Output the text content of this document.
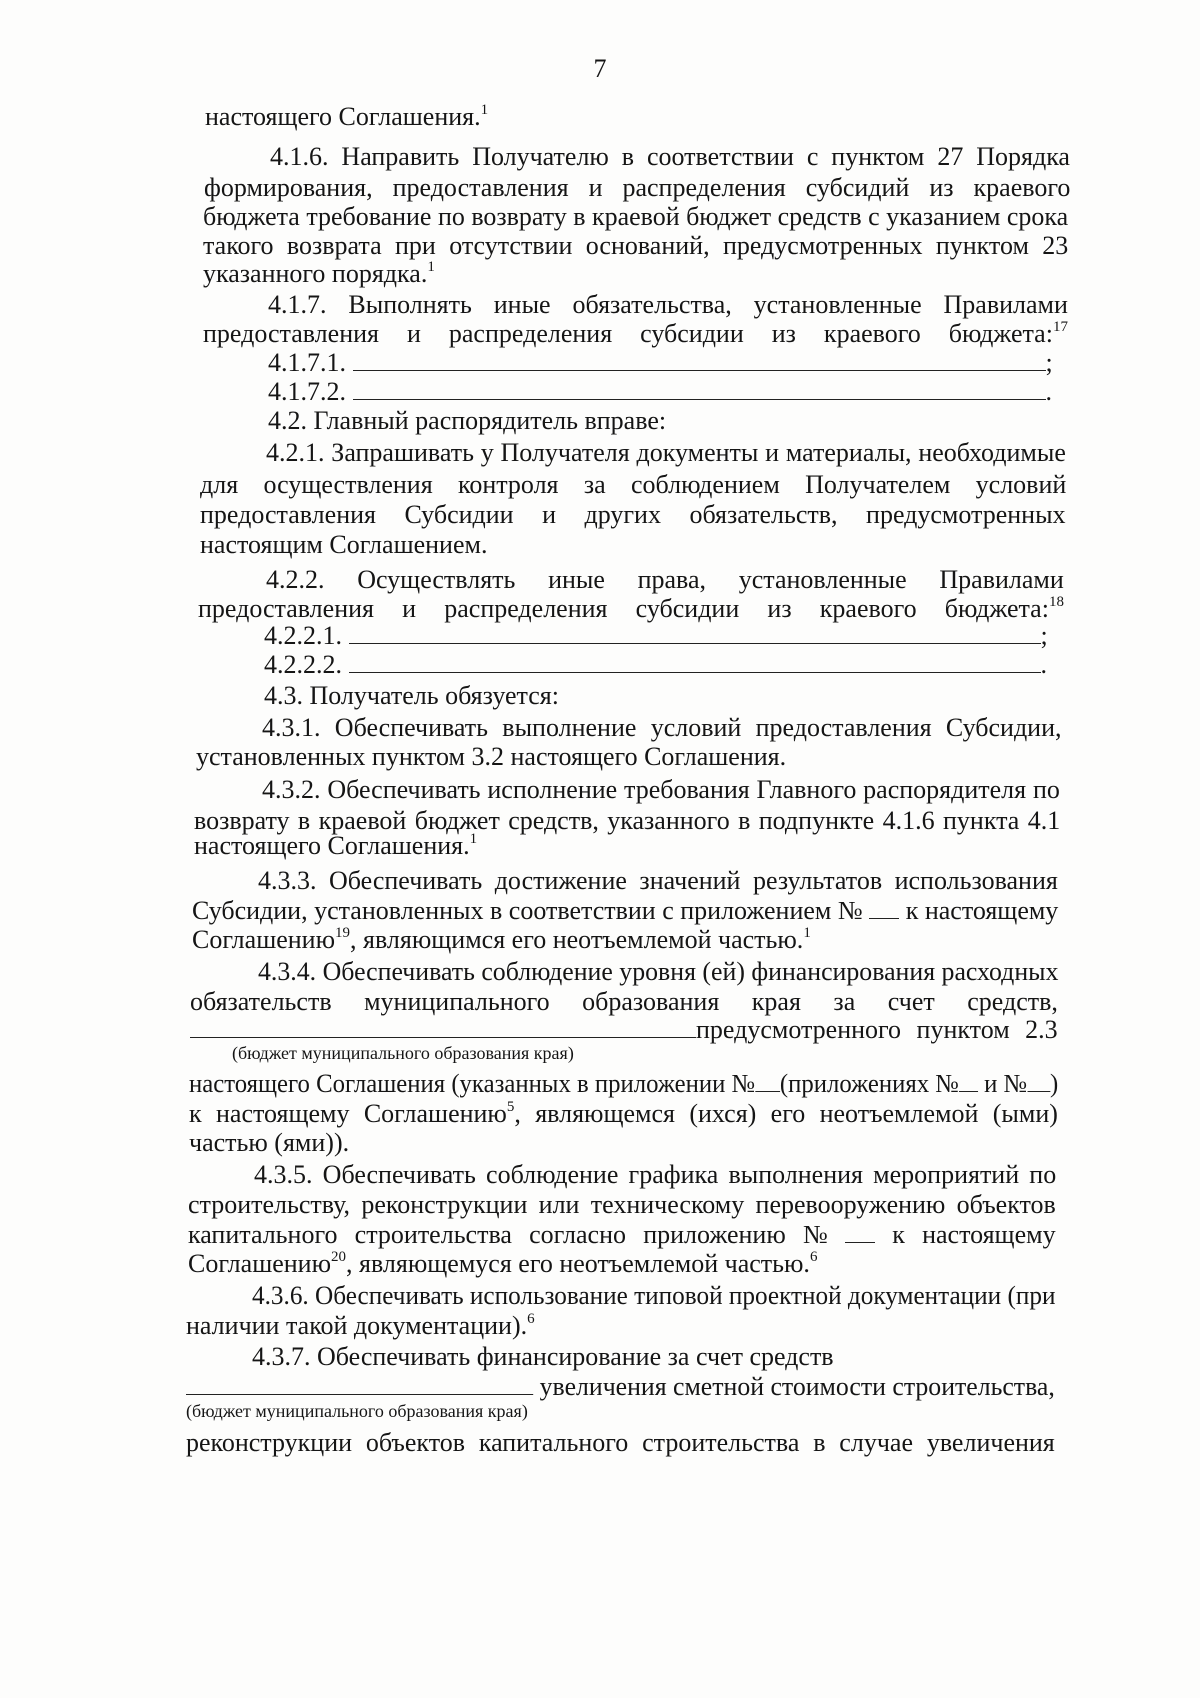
7
настоящего Соглашения.$^1$
4.1.6. Направить Получателю в соответствии с пунктом 27 Порядка
формирования, предоставления и распределения субсидий из краевого
бюджета требование по возврату в краевой бюджет средств с указанием срока
такого возврата при отсутствии оснований, предусмотренных пунктом 23
указанного порядка.$^1$
4.1.7. Выполнять иные обязательства, установленные Правилами
предоставления и распределения субсидии из краевого бюджета:$^{17}$
4.1.7.1.	;
4.1.7.2.	.
4.2. Главный распорядитель вправе:
4.2.1. Запрашивать у Получателя документы и материалы, необходимые
для осуществления контроля за соблюдением Получателем условий
предоставления Субсидии и других обязательств, предусмотренных
настоящим Соглашением.
4.2.2. Осуществлять иные права, установленные Правилами
предоставления и распределения субсидии из краевого бюджета:$^{18}$
4.2.2.1.	;
4.2.2.2.	.
4.3. Получатель обязуется:
4.3.1. Обеспечивать выполнение условий предоставления Субсидии,
установленных пунктом 3.2 настоящего Соглашения.
4.3.2. Обеспечивать исполнение требования Главного распорядителя по
возврату в краевой бюджет средств, указанного в подпункте 4.1.6 пункта 4.1
настоящего Соглашения.$^1$
4.3.3. Обеспечивать достижение значений результатов использования
Субсидии, установленных в соответствии с приложением № к настоящему
Соглашению$^{19}$, являющимся его неотъемлемой частью.$^1$
4.3.4. Обеспечивать соблюдение уровня (ей) финансирования расходных
обязательств муниципального образования края за счет средств,
предусмотренного пунктом 2.3
(бюджет муниципального образования края)
настоящего Соглашения (указанных в приложении № (приложениях № и № )
к настоящему Соглашению$^5$, являющемся (ихся) его неотъемлемой (ыми)
частью (ями)).
4.3.5. Обеспечивать соблюдение графика выполнения мероприятий по
строительству, реконструкции или техническому перевооружению объектов
капитального строительства согласно приложению № к настоящему
Соглашению$^{20}$, являющемуся его неотъемлемой частью.$^6$
4.3.6. Обеспечивать использование типовой проектной документации (при
наличии такой документации).$^6$
4.3.7. Обеспечивать финансирование за счет средств
увеличения сметной стоимости строительства,
(бюджет муниципального образования края)
реконструкции объектов капитального строительства в случае увеличения
